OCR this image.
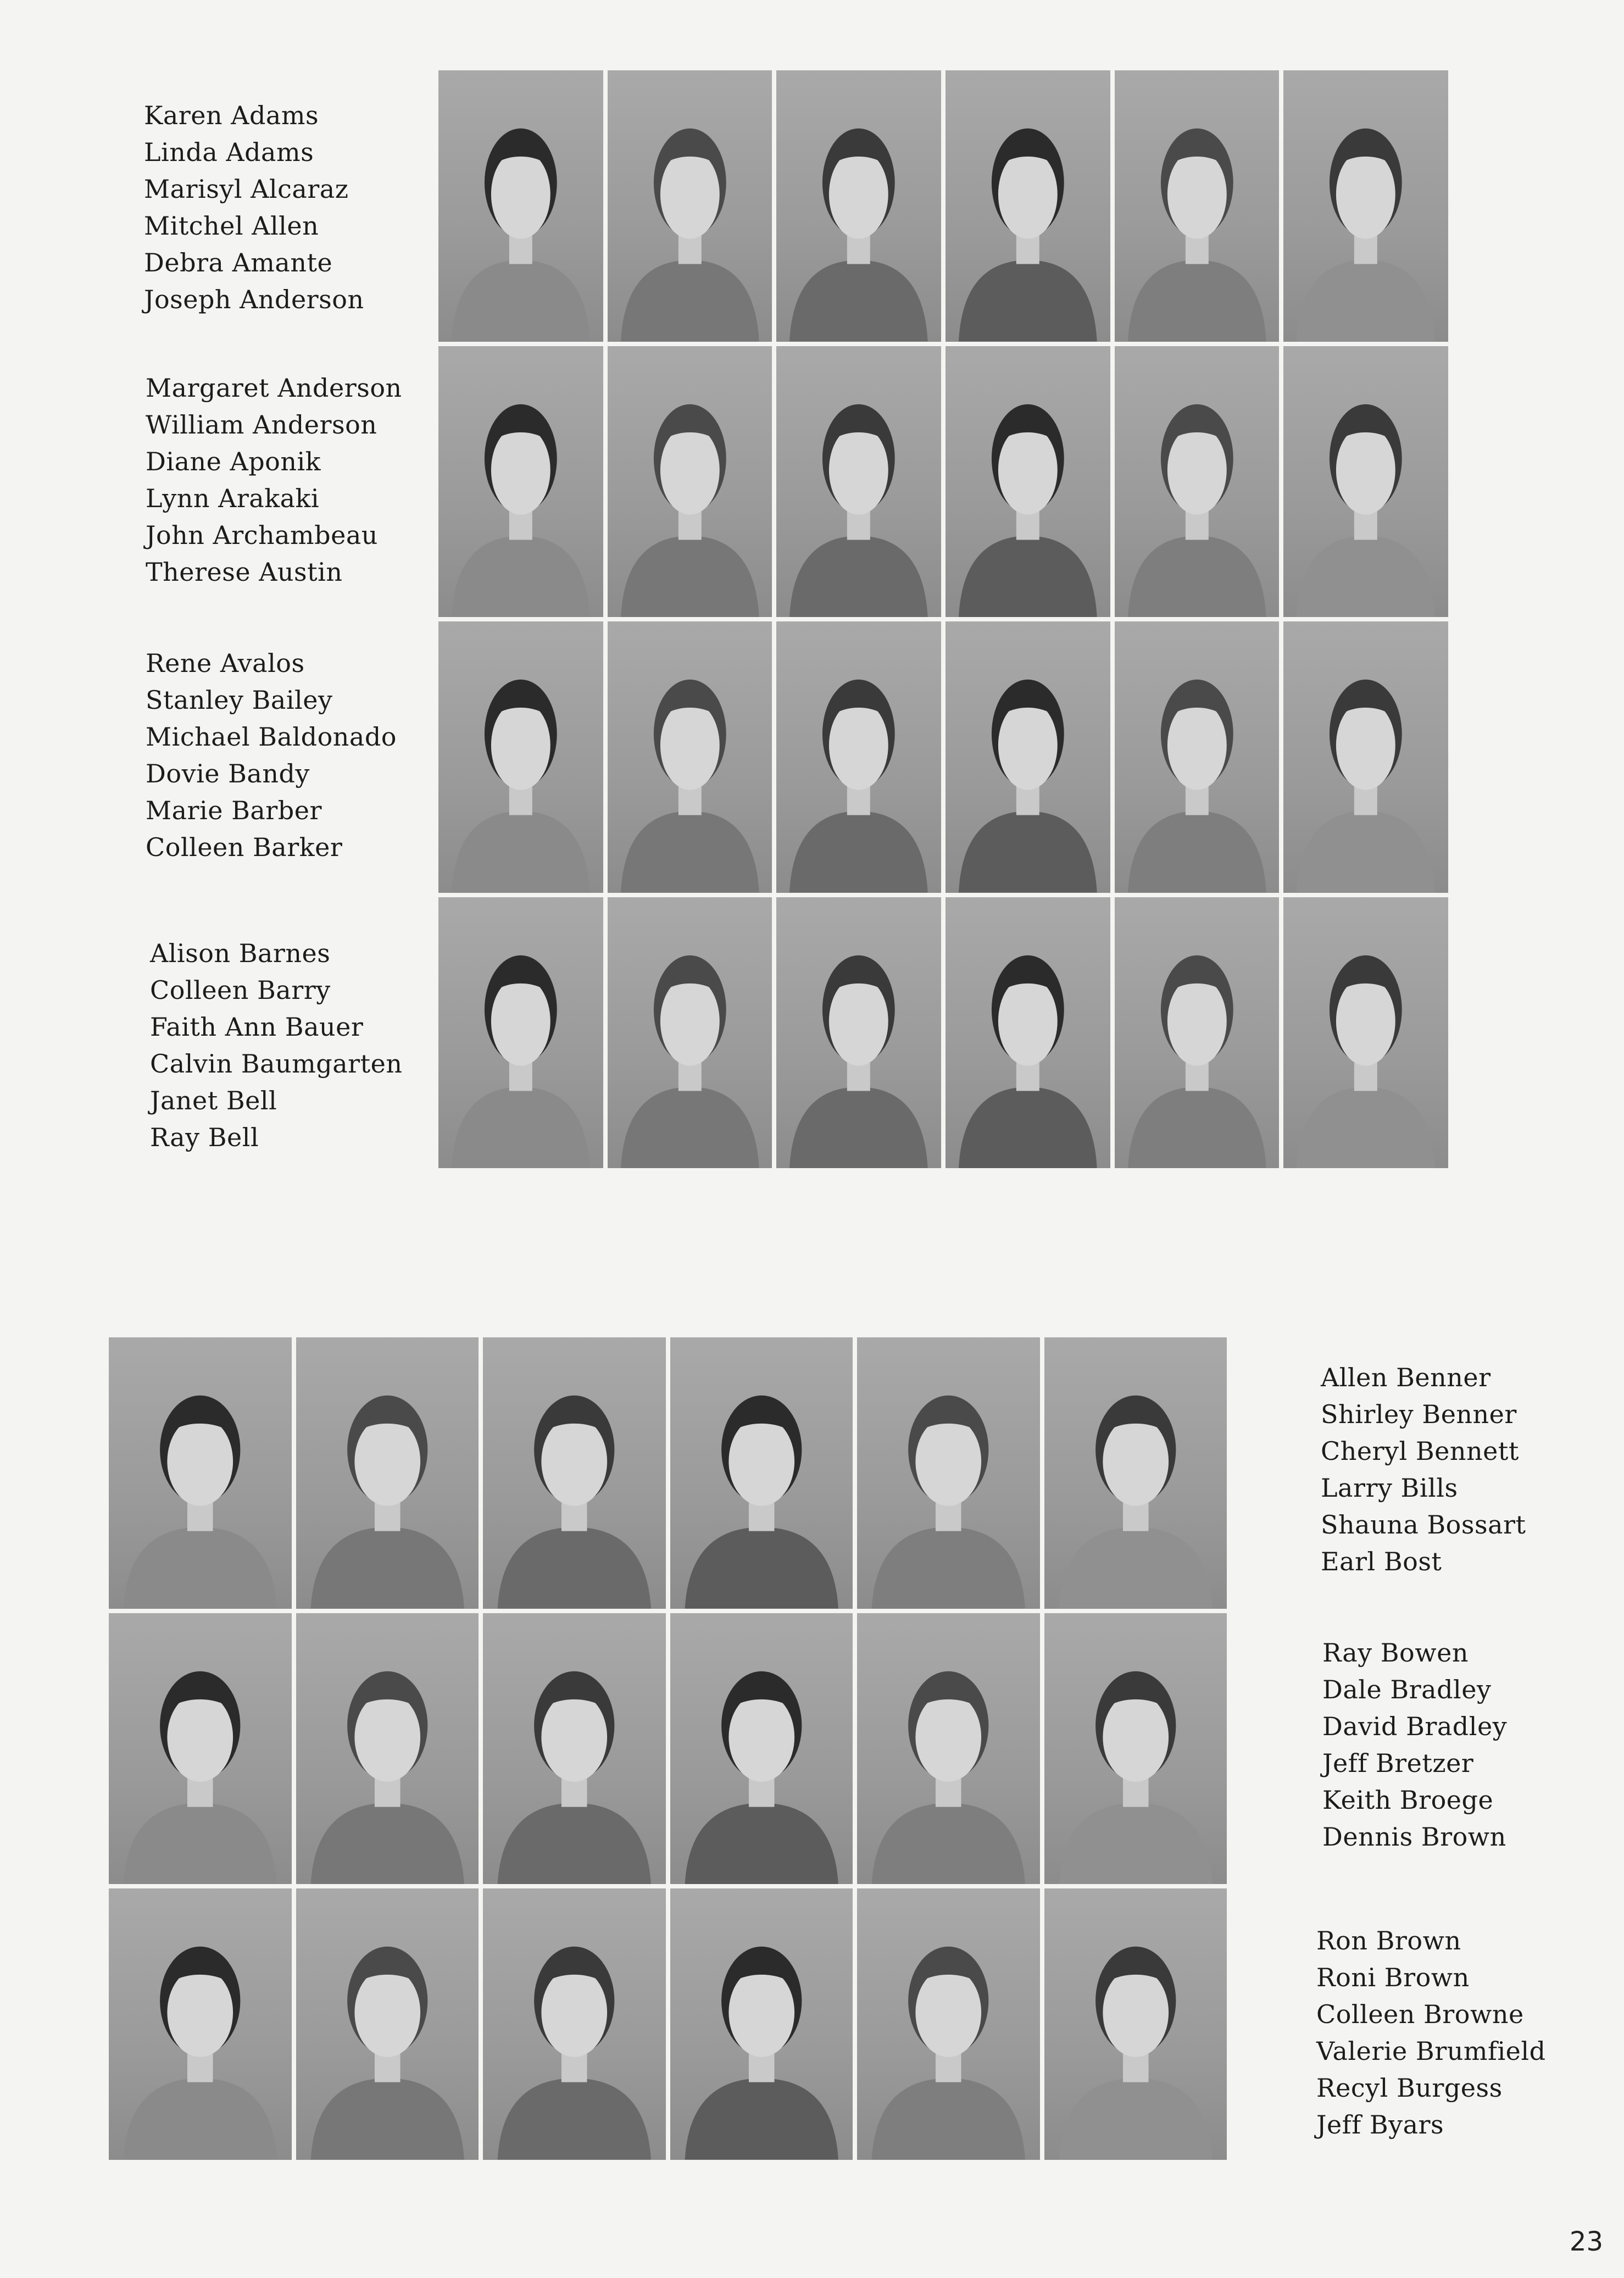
Karen Adams
Linda Adams
Marisyl Alcaraz
Mitchel Allen
Debra Amante
Joseph Anderson
Margaret Anderson
William Anderson
Diane Aponik
Lynn Arakaki
John Archambeau
Therese Austin
Rene Avalos
Stanley Bailey
Michael Baldonado
Dovie Bandy
Marie Barber
Colleen Barker
Alison Barnes
Colleen Barry
Faith Ann Bauer
Calvin Baumgarten
Janet Bell
Ray Bell
Allen Benner
Shirley Benner
Cheryl Bennett
Larry Bills
Shauna Bossart
Earl Bost
Ray Bowen
Dale Bradley
David Bradley
Jeff Bretzer
Keith Broege
Dennis Brown
Ron Brown
Roni Brown
Colleen Browne
Valerie Brumfield
Recyl Burgess
Jeff Byars
23
